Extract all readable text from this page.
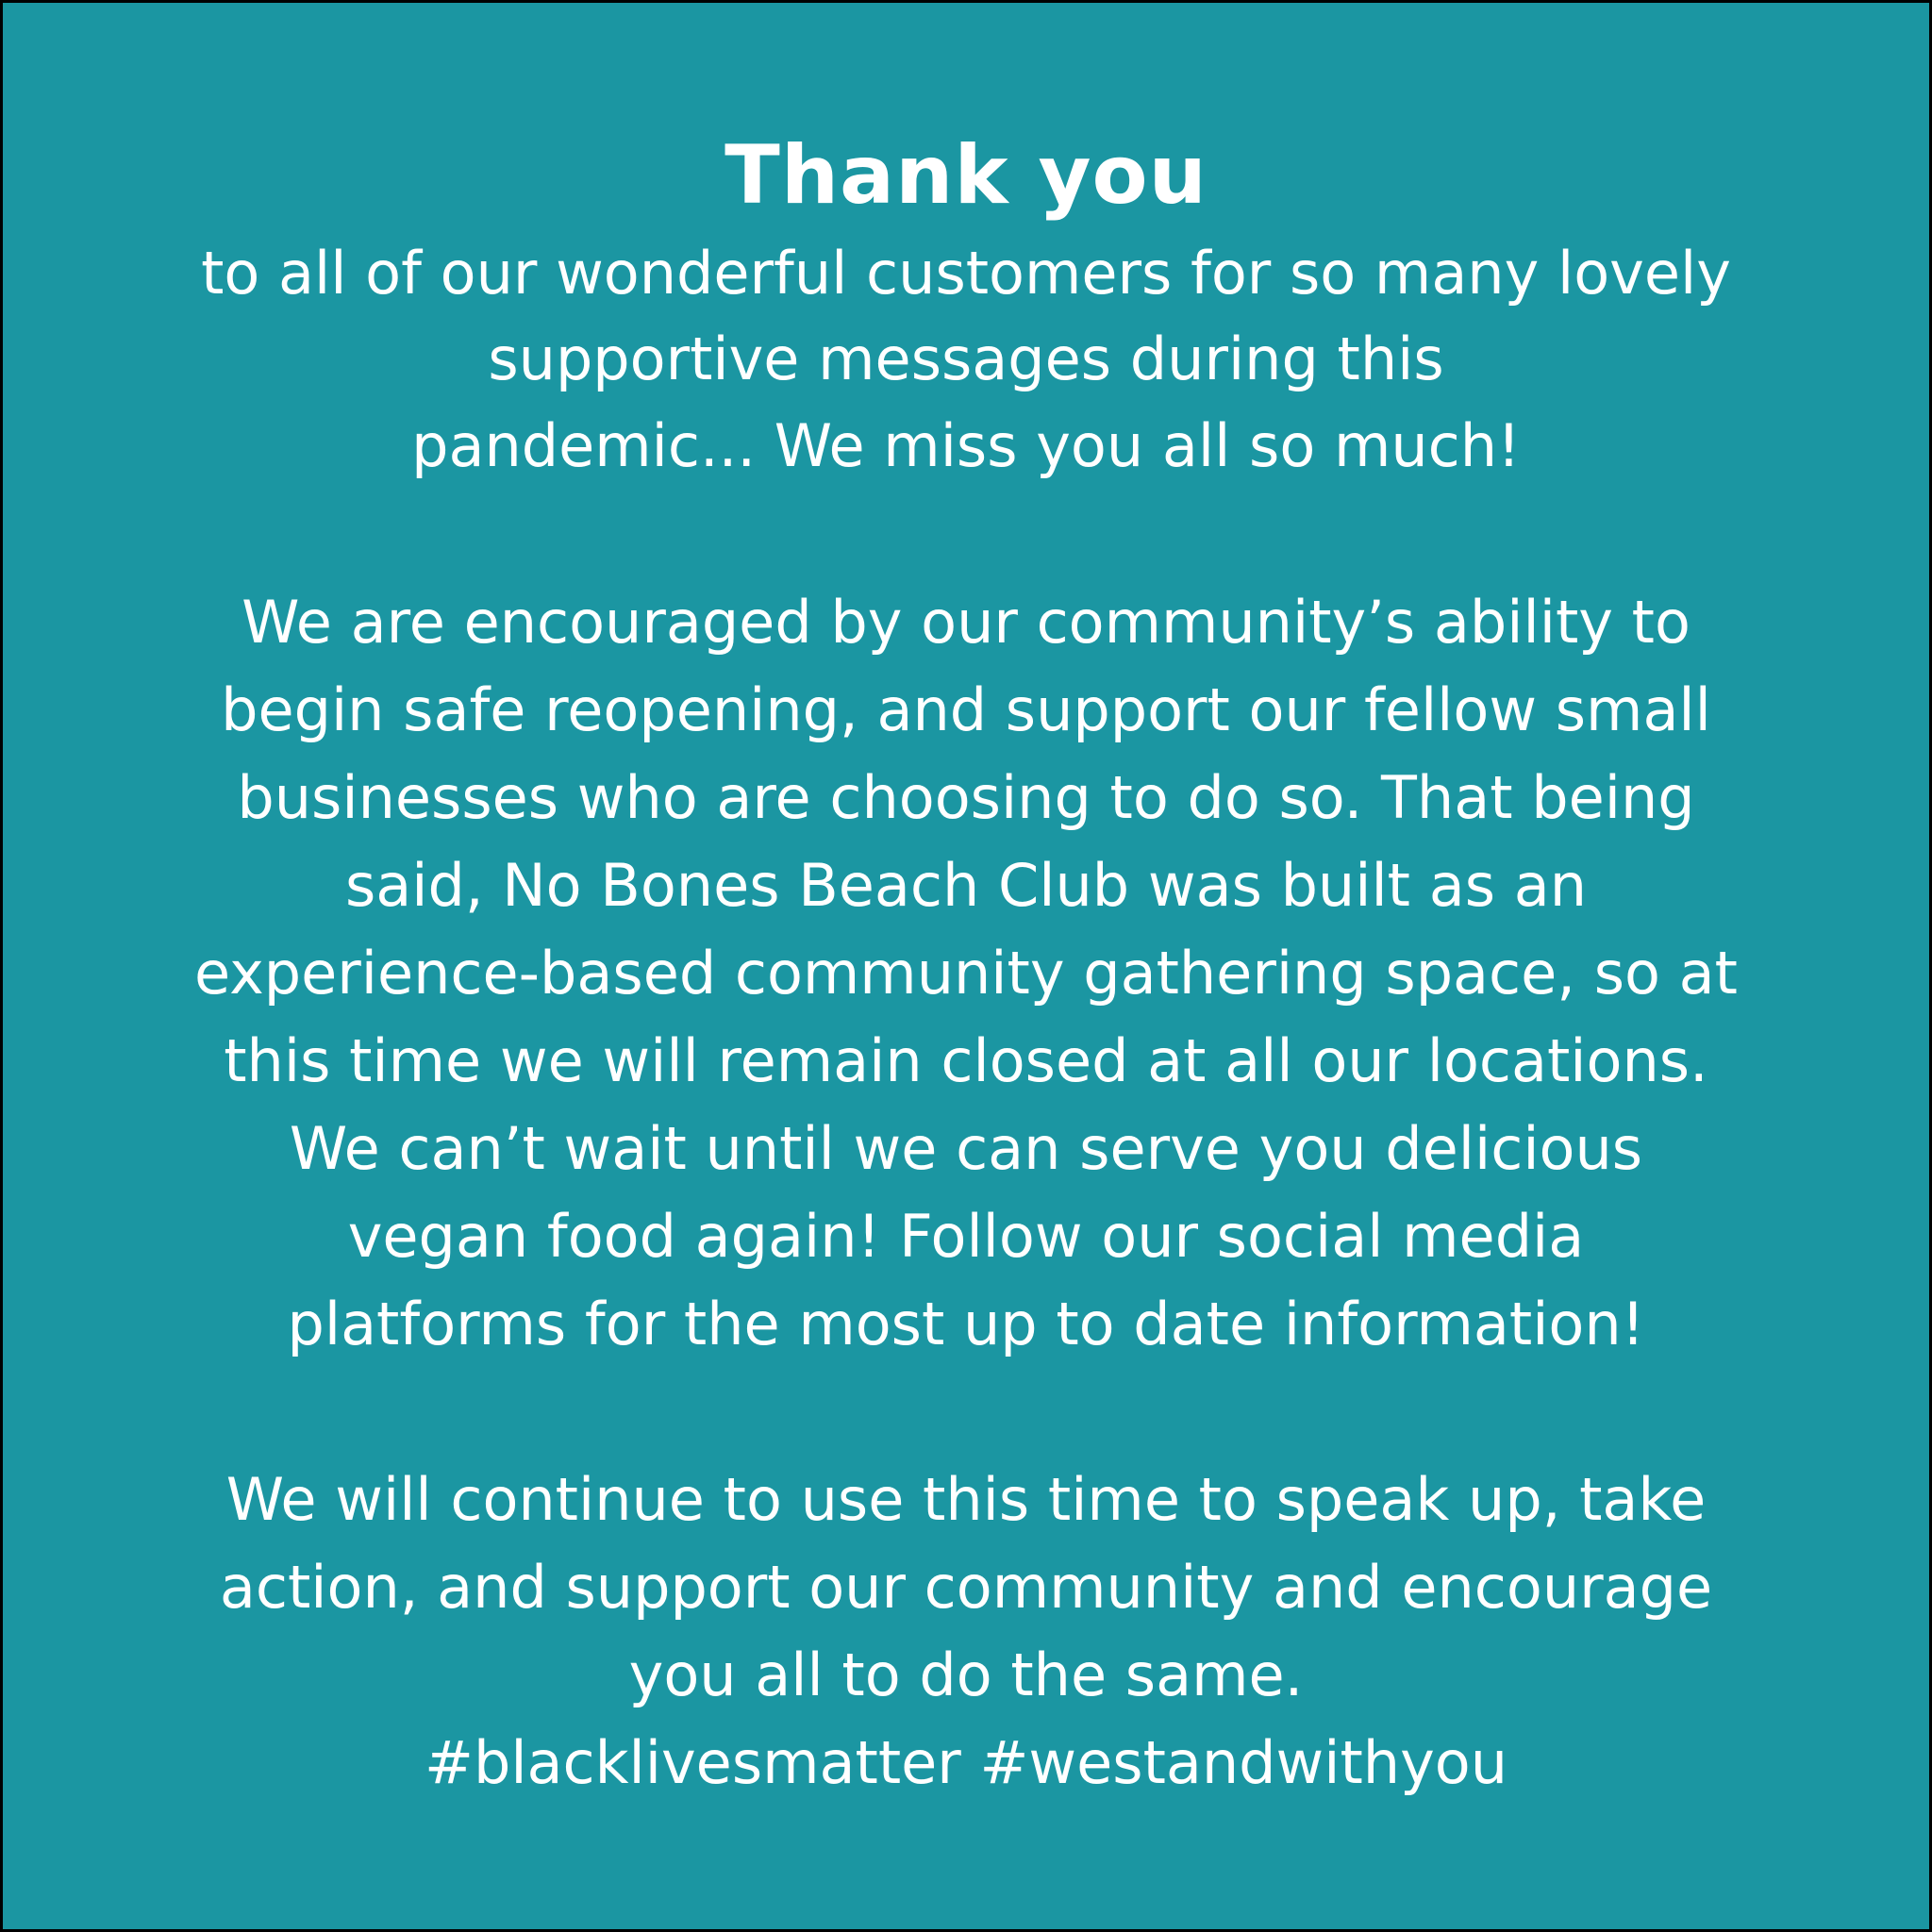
Thank you
to all of our wonderful customers for so many lovely
supportive messages during this
pandemic... We miss you all so much!
We are encouraged by our community’s ability to
begin safe reopening, and support our fellow small
businesses who are choosing to do so. That being
said, No Bones Beach Club was built as an
experience-based community gathering space, so at
this time we will remain closed at all our locations.
We can’t wait until we can serve you delicious
vegan food again! Follow our social media
platforms for the most up to date information!
We will continue to use this time to speak up, take
action, and support our community and encourage
you all to do the same.
#blacklivesmatter #westandwithyou
